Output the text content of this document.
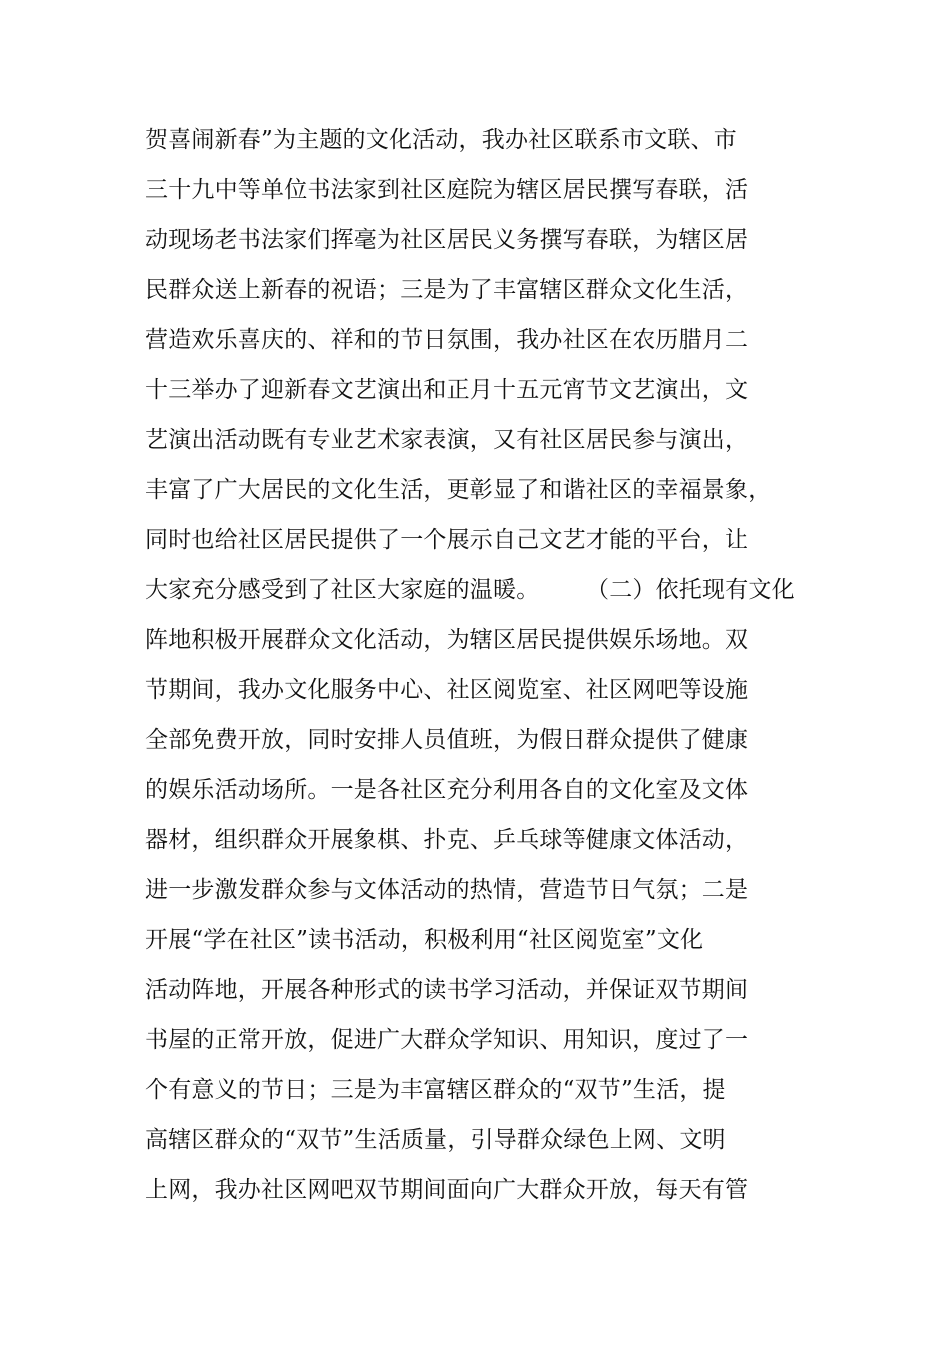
贺喜闹新春”为主题的文化活动，我办社区联系市文联、市
三十九中等单位书法家到社区庭院为辖区居民撰写春联，活
动现场老书法家们挥毫为社区居民义务撰写春联，为辖区居
民群众送上新春的祝语；三是为了丰富辖区群众文化生活，
营造欢乐喜庆的、祥和的节日氛围，我办社区在农历腊月二
十三举办了迎新春文艺演出和正月十五元宵节文艺演出，文
艺演出活动既有专业艺术家表演，又有社区居民参与演出，
丰富了广大居民的文化生活，更彰显了和谐社区的幸福景象，
同时也给社区居民提供了一个展示自己文艺才能的平台，让
大家充分感受到了社区大家庭的温暖。　　　（二）依托现有文化
阵地积极开展群众文化活动，为辖区居民提供娱乐场地。双
节期间，我办文化服务中心、社区阅览室、社区网吧等设施
全部免费开放，同时安排人员值班，为假日群众提供了健康
的娱乐活动场所。一是各社区充分利用各自的文化室及文体
器材，组织群众开展象棋、扑克、乒乓球等健康文体活动，
进一步激发群众参与文体活动的热情，营造节日气氛；二是
开展“学在社区”读书活动，积极利用“社区阅览室”文化
活动阵地，开展各种形式的读书学习活动，并保证双节期间
书屋的正常开放，促进广大群众学知识、用知识，度过了一
个有意义的节日；三是为丰富辖区群众的“双节”生活，提
高辖区群众的“双节”生活质量，引导群众绿色上网、文明
上网，我办社区网吧双节期间面向广大群众开放，每天有管
